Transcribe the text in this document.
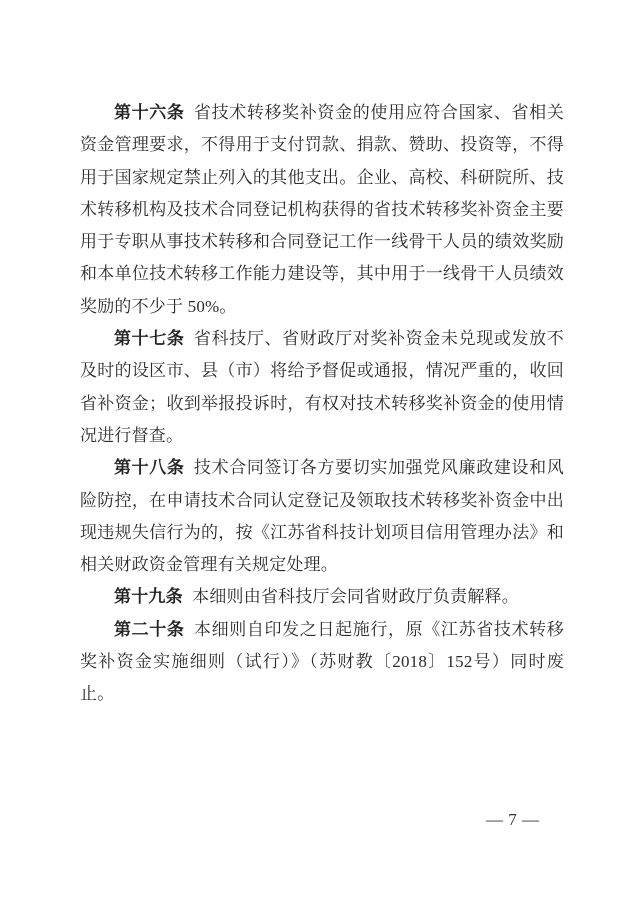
第十六条 省技术转移奖补资金的使用应符合国家、省相关资金管理要求，不得用于支付罚款、捐款、赞助、投资等，不得用于国家规定禁止列入的其他支出。企业、高校、科研院所、技术转移机构及技术合同登记机构获得的省技术转移奖补资金主要用于专职从事技术转移和合同登记工作一线骨干人员的绩效奖励和本单位技术转移工作能力建设等，其中用于一线骨干人员绩效奖励的不少于 50%。

第十七条 省科技厅、省财政厅对奖补资金未兑现或发放不及时的设区市、县（市）将给予督促或通报，情况严重的，收回省补资金；收到举报投诉时，有权对技术转移奖补资金的使用情况进行督查。

第十八条 技术合同签订各方要切实加强党风廉政建设和风险防控，在申请技术合同认定登记及领取技术转移奖补资金中出现违规失信行为的，按《江苏省科技计划项目信用管理办法》和相关财政资金管理有关规定处理。

第十九条 本细则由省科技厅会同省财政厅负责解释。

第二十条 本细则自印发之日起施行，原《江苏省技术转移奖补资金实施细则（试行）》（苏财教〔2018〕152号）同时废止。

— 7 —
